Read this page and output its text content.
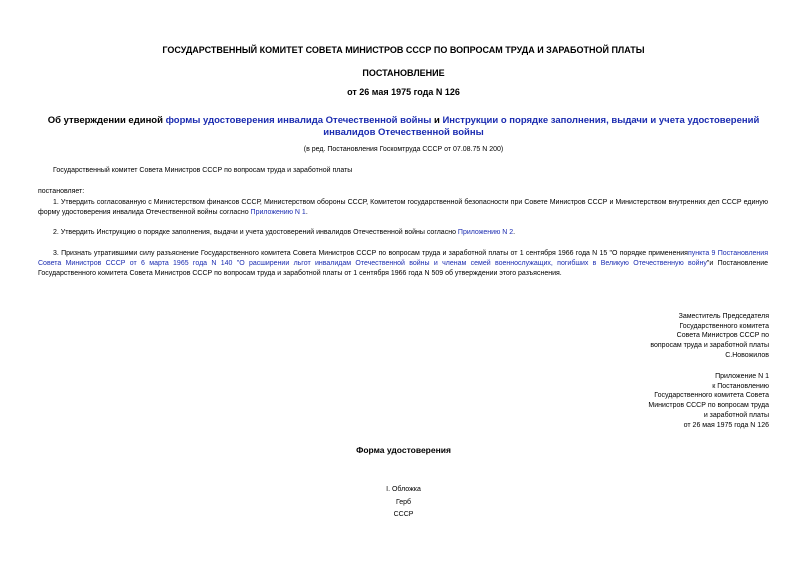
ГОСУДАРСТВЕННЫЙ КОМИТЕТ СОВЕТА МИНИСТРОВ СССР ПО ВОПРОСАМ ТРУДА И ЗАРАБОТНОЙ ПЛАТЫ
ПОСТАНОВЛЕНИЕ
от 26 мая 1975 года N 126
Об утверждении единой формы удостоверения инвалида Отечественной войны и Инструкции о порядке заполнения, выдачи и учета удостоверений инвалидов Отечественной войны
(в ред. Постановления Госкомтруда СССР от 07.08.75 N 200)

Государственный комитет Совета Министров СССР по вопросам труда и заработной платы

постановляет:

1. Утвердить согласованную с Министерством финансов СССР, Министерством обороны СССР, Комитетом государственной безопасности при Совете Министров СССР и Министерством внутренних дел СССР единую форму удостоверения инвалида Отечественной войны согласно Приложению N 1.

2. Утвердить Инструкцию о порядке заполнения, выдачи и учета удостоверений инвалидов Отечественной войны согласно Приложению N 2.

3. Признать утратившими силу разъяснение Государственного комитета Совета Министров СССР по вопросам труда и заработной платы от 1 сентября 1966 года N 15 "О порядке примененияпункта 9 Постановления Совета Министров СССР от 6 марта 1965 года N 140 "О расширении льгот инвалидам Отечественной войны и членам семей военнослужащих, погибших в Великую Отечественную войну"и Постановление Государственного комитета Совета Министров СССР по вопросам труда и заработной платы от 1 сентября 1966 года N 509 об утверждении этого разъяснения.

Заместитель Председателя
Государственного комитета
Совета Министров СССР по
вопросам труда и заработной платы
С.Новожилов
Приложение N 1
к Постановлению
Государственного комитета Совета
Министров СССР по вопросам труда
и заработной платы
от 26 мая 1975 года N 126
Форма удостоверения
I. Обложка
Герб
СССР
